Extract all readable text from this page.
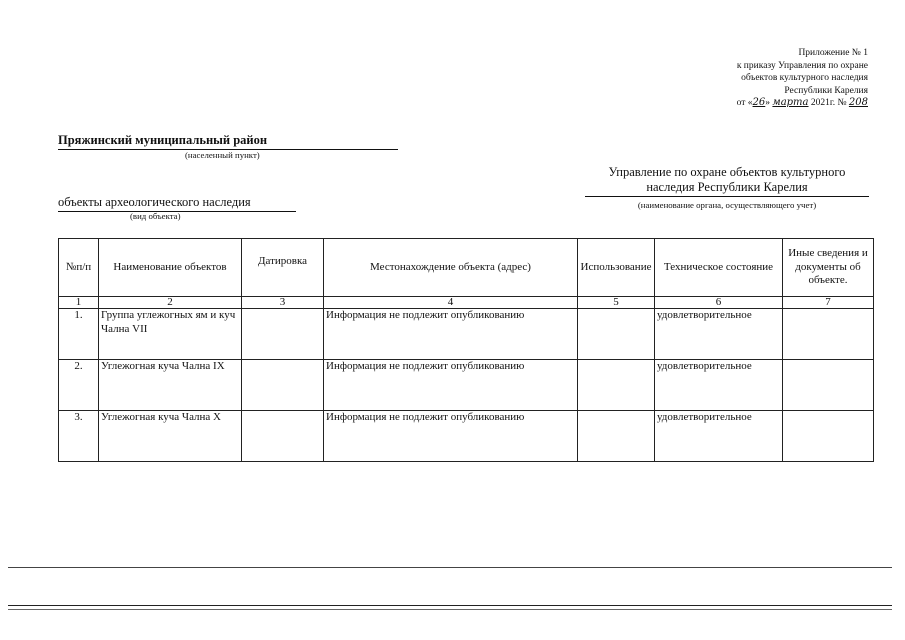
Приложение № 1
к приказу Управления по охране
объектов культурного наследия
Республики Карелия
от «26» марта 2021г. № 208
Пряжинский муниципальный район
(населенный пункт)
Управление по охране объектов культурного наследия Республики Карелия
(наименование органа, осуществляющего учет)
объекты археологического наследия
(вид объекта)
№п/п	Наименование объектов	Датировка	Местонахождение объекта (адрес)	Использование	Техническое состояние	Иные сведения и документы об объекте.
1	2	3	4	5	6	7
1.	Группа углежогных ям и куч Чална VII		Информация не подлежит опубликованию		удовлетворительное	
2.	Углежогная куча Чална IX		Информация не подлежит опубликованию		удовлетворительное	
3.	Углежогная куча Чална X		Информация не подлежит опубликованию		удовлетворительное	
